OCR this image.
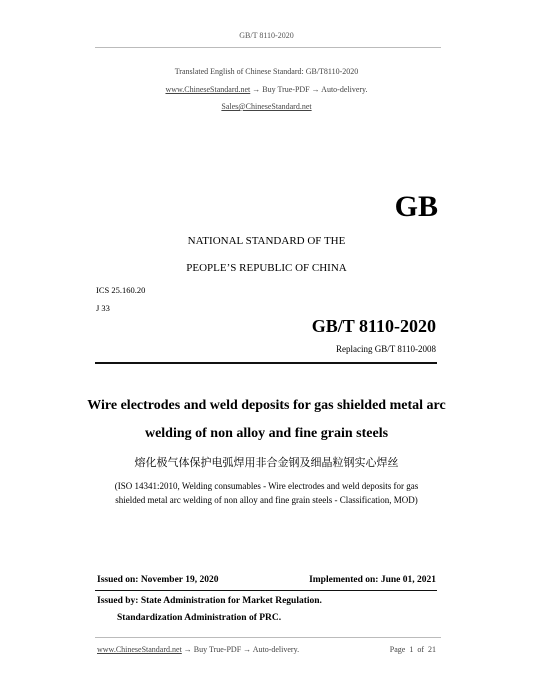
GB/T 8110-2020
Translated English of Chinese Standard: GB/T8110-2020
www.ChineseStandard.net → Buy True-PDF → Auto-delivery.
Sales@ChineseStandard.net
GB
NATIONAL STANDARD OF THE
PEOPLE’S REPUBLIC OF CHINA
ICS 25.160.20
J 33
GB/T 8110-2020
Replacing GB/T 8110-2008
Wire electrodes and weld deposits for gas shielded metal arc
welding of non alloy and fine grain steels
熔化极气体保护电弧焊用非合金钢及细晶粒钢实心焊丝
(ISO 14341:2010, Welding consumables - Wire electrodes and weld deposits for gas
shielded metal arc welding of non alloy and fine grain steels - Classification, MOD)
Issued on: November 19, 2020	Implemented on: June 01, 2021
Issued by: State Administration for Market Regulation.
Standardization Administration of PRC.
www.ChineseStandard.net → Buy True-PDF → Auto-delivery.	Page 1 of 21
